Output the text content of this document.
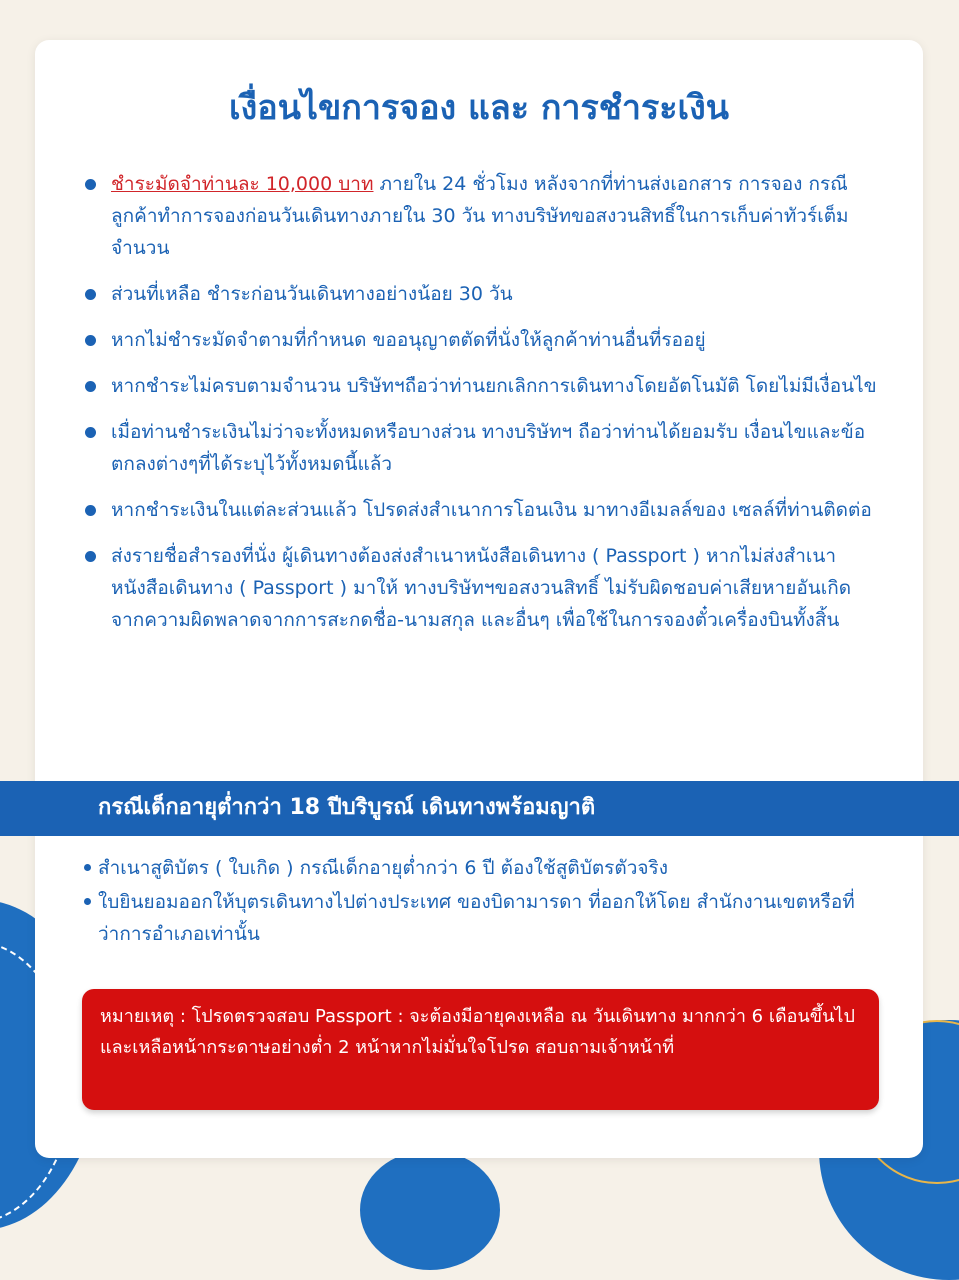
เงื่อนไขการจอง และ การชำระเงิน
ชำระมัดจำท่านละ 10,000 บาท ภายใน 24 ชั่วโมง หลังจากที่ท่านส่งเอกสาร การจอง กรณีลูกค้าทำการจองก่อนวันเดินทางภายใน 30 วัน ทางบริษัทขอสงวนสิทธิ์ในการเก็บค่าทัวร์เต็มจำนวน
ส่วนที่เหลือ ชำระก่อนวันเดินทางอย่างน้อย 30 วัน
หากไม่ชำระมัดจำตามที่กำหนด ขออนุญาตตัดที่นั่งให้ลูกค้าท่านอื่นที่รออยู่
หากชำระไม่ครบตามจำนวน บริษัทฯถือว่าท่านยกเลิกการเดินทางโดยอัตโนมัติ โดยไม่มีเงื่อนไข
เมื่อท่านชำระเงินไม่ว่าจะทั้งหมดหรือบางส่วน ทางบริษัทฯ ถือว่าท่านได้ยอมรับ เงื่อนไขและข้อตกลงต่างๆที่ได้ระบุไว้ทั้งหมดนี้แล้ว
หากชำระเงินในแต่ละส่วนแล้ว โปรดส่งสำเนาการโอนเงิน มาทางอีเมลล์ของ เซลล์ที่ท่านติดต่อ
ส่งรายชื่อสำรองที่นั่ง ผู้เดินทางต้องส่งสำเนาหนังสือเดินทาง ( Passport ) หากไม่ส่งสำเนาหนังสือเดินทาง ( Passport ) มาให้ ทางบริษัทฯขอสงวนสิทธิ์ ไม่รับผิดชอบค่าเสียหายอันเกิดจากความผิดพลาดจากการสะกดชื่อ-นามสกุล และอื่นๆ เพื่อใช้ในการจองตั๋วเครื่องบินทั้งสิ้น

กรณีเด็กอายุต่ำกว่า 18 ปีบริบูรณ์ เดินทางพร้อมญาติ

สำเนาสูติบัตร ( ใบเกิด ) กรณีเด็กอายุต่ำกว่า 6 ปี ต้องใช้สูติบัตรตัวจริง
ใบยินยอมออกให้บุตรเดินทางไปต่างประเทศ ของบิดามารดา ที่ออกให้โดย สำนักงานเขตหรือที่ว่าการอำเภอเท่านั้น

หมายเหตุ : โปรดตรวจสอบ Passport : จะต้องมีอายุคงเหลือ ณ วันเดินทาง มากกว่า 6 เดือนขึ้นไป และเหลือหน้ากระดาษอย่างต่ำ 2 หน้าหากไม่มั่นใจโปรด สอบถามเจ้าหน้าที่
